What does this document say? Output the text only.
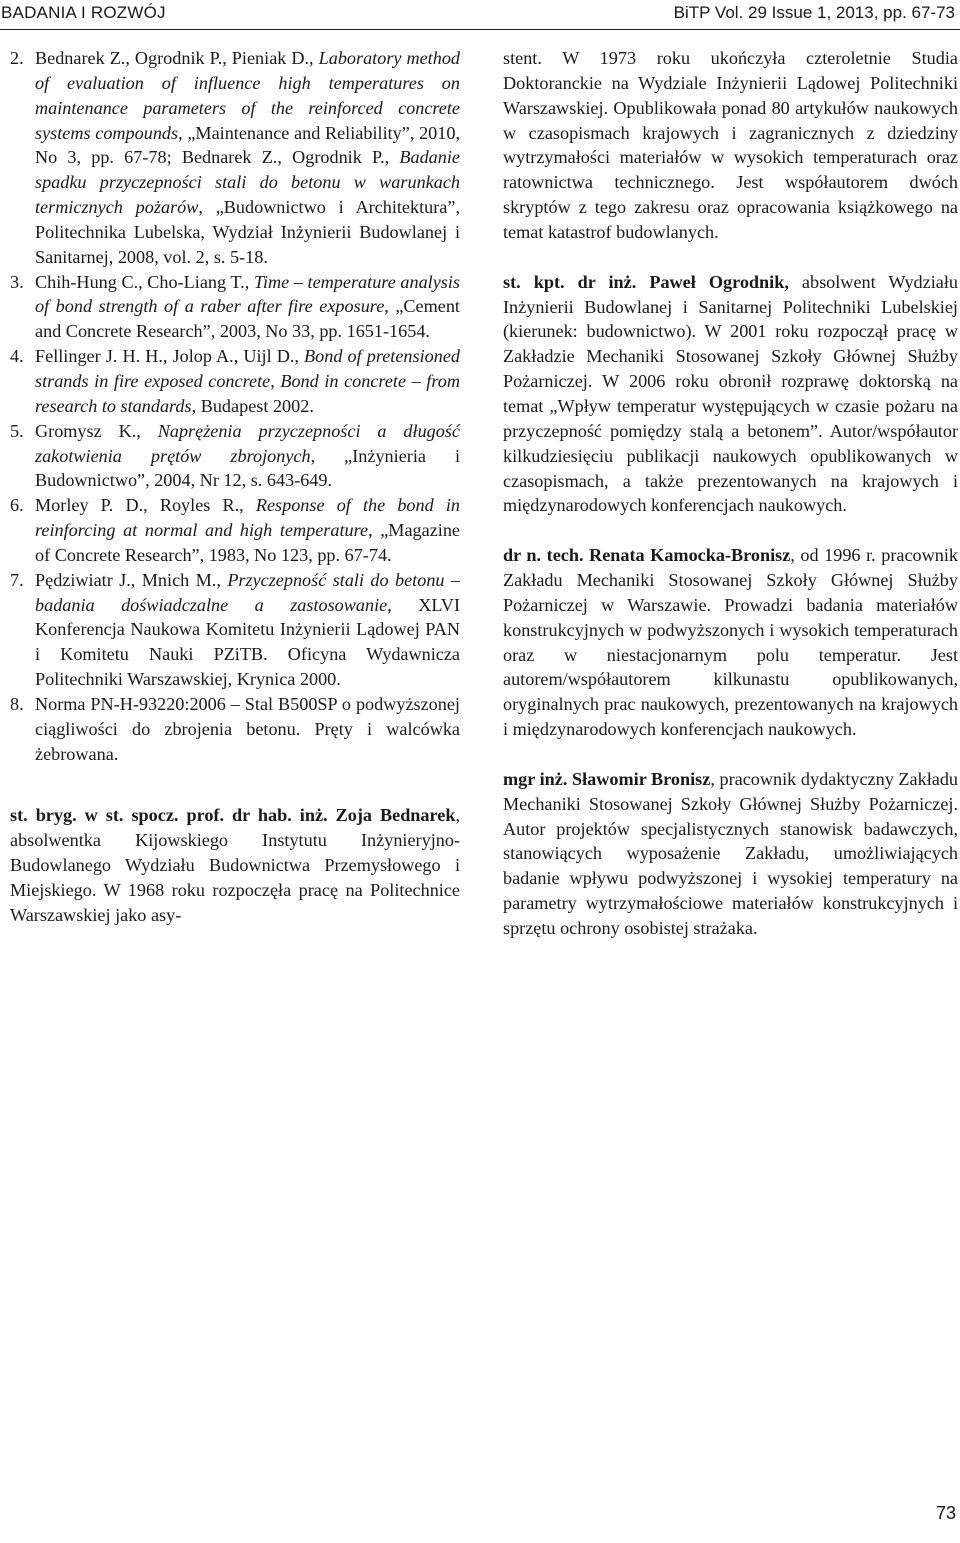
BADANIA I ROZWÓJ	BiTP Vol. 29 Issue 1, 2013, pp. 67-73
2. Bednarek Z., Ogrodnik P., Pieniak D., Laboratory method of evaluation of influence high temperatures on maintenance parameters of the reinforced concrete systems compounds, „Maintenance and Reliability”, 2010, No 3, pp. 67-78; Bednarek Z., Ogrodnik P., Badanie spadku przyczepności stali do betonu w warunkach termicznych pożarów, „Budownictwo i Architektura”, Politechnika Lubelska, Wydział Inżynierii Budowlanej i Sanitarnej, 2008, vol. 2, s. 5-18.
3. Chih-Hung C., Cho-Liang T., Time – temperature analysis of bond strength of a raber after fire exposure, „Cement and Concrete Research”, 2003, No 33, pp. 1651-1654.
4. Fellinger J. H. H., Jolop A., Uijl D., Bond of pretensioned strands in fire exposed concrete, Bond in concrete – from research to standards, Budapest 2002.
5. Gromysz K., Naprężenia przyczepności a długość zakotwienia prętów zbrojonych, „Inżynieria i Budownictwo”, 2004, Nr 12, s. 643-649.
6. Morley P. D., Royles R., Response of the bond in reinforcing at normal and high temperature, „Magazine of Concrete Research”, 1983, No 123, pp. 67-74.
7. Pędziwiatr J., Mnich M., Przyczepność stali do betonu – badania doświadczalne a zastosowanie, XLVI Konferencja Naukowa Komitetu Inżynierii Lądowej PAN i Komitetu Nauki PZiTB. Oficyna Wydawnicza Politechniki Warszawskiej, Krynica 2000.
8. Norma PN-H-93220:2006 – Stal B500SP o podwyższonej ciągliwości do zbrojenia betonu. Pręty i walcówka żebrowana.

st. bryg. w st. spocz. prof. dr hab. inż. Zoja Bednarek, absolwentka Kijowskiego Instytutu Inżynieryjno-Budowlanego Wydziału Budownictwa Przemysłowego i Miejskiego. W 1968 roku rozpoczęła pracę na Politechnice Warszawskiej jako asy-

stent. W 1973 roku ukończyła czteroletnie Studia Doktoranckie na Wydziale Inżynierii Lądowej Politechniki Warszawskiej. Opublikowała ponad 80 artykułów naukowych w czasopismach krajowych i zagranicznych z dziedziny wytrzymałości materiałów w wysokich temperaturach oraz ratownictwa technicznego. Jest współautorem dwóch skryptów z tego zakresu oraz opracowania książkowego na temat katastrof budowlanych.

st. kpt. dr inż. Paweł Ogrodnik, absolwent Wydziału Inżynierii Budowlanej i Sanitarnej Politechniki Lubelskiej (kierunek: budownictwo). W 2001 roku rozpoczął pracę w Zakładzie Mechaniki Stosowanej Szkoły Głównej Służby Pożarniczej. W 2006 roku obronił rozprawę doktorską na temat „Wpływ temperatur występujących w czasie pożaru na przyczepność pomiędzy stalą a betonem”. Autor/współautor kilkudziesięciu publikacji naukowych opublikowanych w czasopismach, a także prezentowanych na krajowych i międzynarodowych konferencjach naukowych.

dr n. tech. Renata Kamocka-Bronisz, od 1996 r. pracownik Zakładu Mechaniki Stosowanej Szkoły Głównej Służby Pożarniczej w Warszawie. Prowadzi badania materiałów konstrukcyjnych w podwyższonych i wysokich temperaturach oraz w niestacjonarnym polu temperatur. Jest autorem/współautorem kilkunastu opublikowanych, oryginalnych prac naukowych, prezentowanych na krajowych i międzynarodowych konferencjach naukowych.

mgr inż. Sławomir Bronisz, pracownik dydaktyczny Zakładu Mechaniki Stosowanej Szkoły Głównej Służby Pożarniczej. Autor projektów specjalistycznych stanowisk badawczych, stanowiących wyposażenie Zakładu, umożliwiających badanie wpływu podwyższonej i wysokiej temperatury na parametry wytrzymałościowe materiałów konstrukcyjnych i sprzętu ochrony osobistej strażaka.

73
